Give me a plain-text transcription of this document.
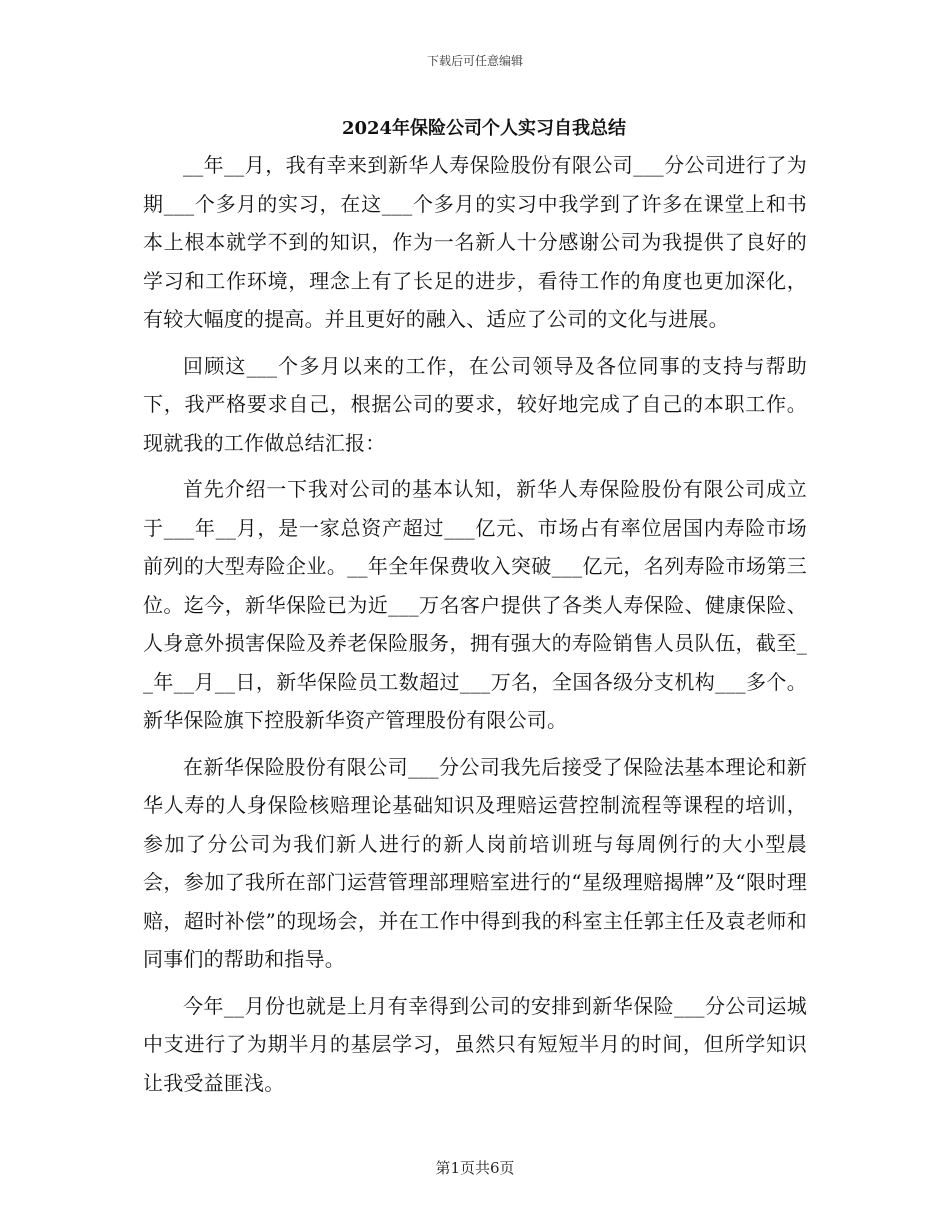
下载后可任意编辑
2024年保险公司个人实习自我总结

__年__月，我有幸来到新华人寿保险股份有限公司___分公司进行了为期___个多月的实习，在这___个多月的实习中我学到了许多在课堂上和书本上根本就学不到的知识，作为一名新人十分感谢公司为我提供了良好的学习和工作环境，理念上有了长足的进步，看待工作的角度也更加深化，有较大幅度的提高。并且更好的融入、适应了公司的文化与进展。

回顾这___个多月以来的工作，在公司领导及各位同事的支持与帮助下，我严格要求自己，根据公司的要求，较好地完成了自己的本职工作。现就我的工作做总结汇报：

首先介绍一下我对公司的基本认知，新华人寿保险股份有限公司成立于___年__月，是一家总资产超过___亿元、市场占有率位居国内寿险市场前列的大型寿险企业。__年全年保费收入突破___亿元，名列寿险市场第三位。迄今，新华保险已为近___万名客户提供了各类人寿保险、健康保险、人身意外损害保险及养老保险服务，拥有强大的寿险销售人员队伍，截至__年__月__日，新华保险员工数超过___万名，全国各级分支机构___多个。新华保险旗下控股新华资产管理股份有限公司。

在新华保险股份有限公司___分公司我先后接受了保险法基本理论和新华人寿的人身保险核赔理论基础知识及理赔运营控制流程等课程的培训，参加了分公司为我们新人进行的新人岗前培训班与每周例行的大小型晨会，参加了我所在部门运营管理部理赔室进行的“星级理赔揭牌”及“限时理赔，超时补偿”的现场会，并在工作中得到我的科室主任郭主任及袁老师和同事们的帮助和指导。

今年__月份也就是上月有幸得到公司的安排到新华保险___分公司运城中支进行了为期半月的基层学习，虽然只有短短半月的时间，但所学知识让我受益匪浅。

第1页共6页
